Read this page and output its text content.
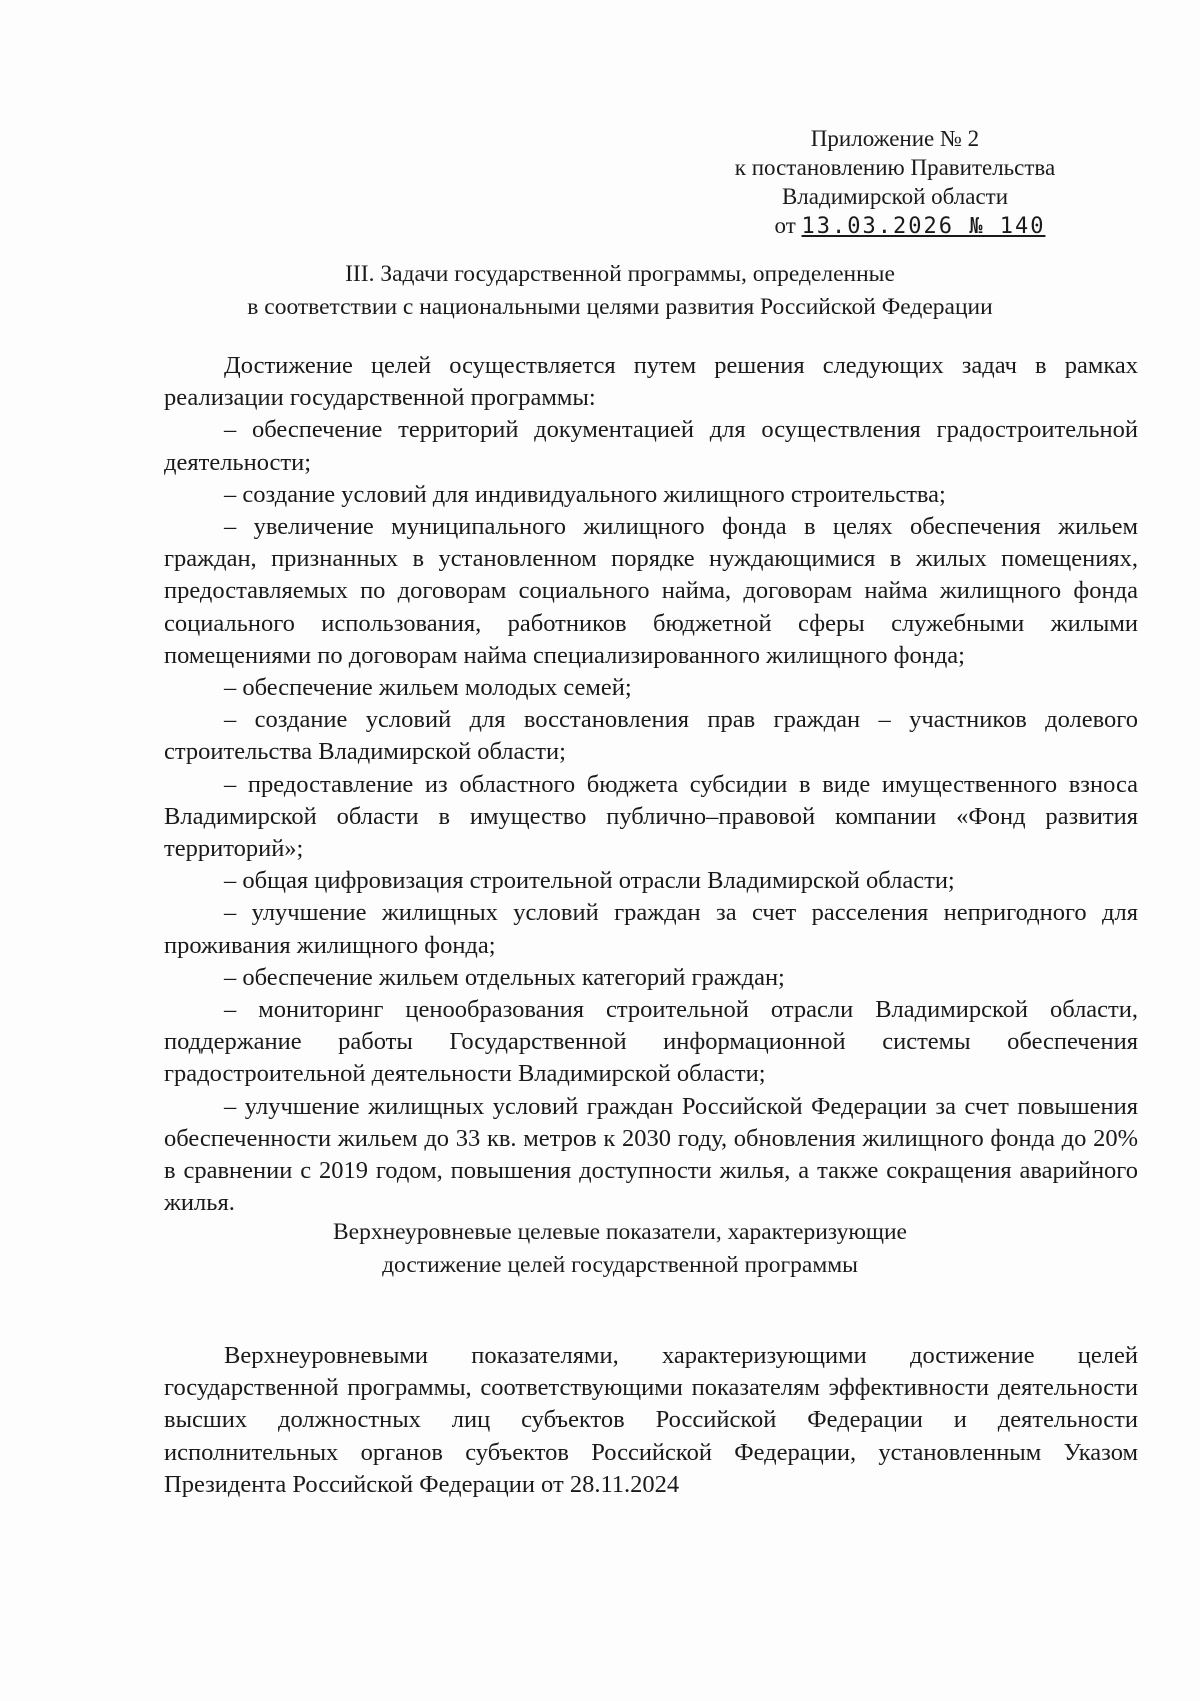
Приложение № 2
к постановлению Правительства
Владимирской области
от 13.03.2026 № 140
III. Задачи государственной программы, определенные
в соответствии с национальными целями развития Российской Федерации

Достижение целей осуществляется путем решения следующих задач в рамках реализации государственной программы:

– обеспечение территорий документацией для осуществления градостроительной деятельности;

– создание условий для индивидуального жилищного строительства;

– увеличение муниципального жилищного фонда в целях обеспечения жильем граждан, признанных в установленном порядке нуждающимися в жилых помещениях, предоставляемых по договорам социального найма, договорам найма жилищного фонда социального использования, работников бюджетной сферы служебными жилыми помещениями по договорам найма специализированного жилищного фонда;

– обеспечение жильем молодых семей;

– создание условий для восстановления прав граждан – участников долевого строительства Владимирской области;

– предоставление из областного бюджета субсидии в виде имущественного взноса Владимирской области в имущество публично–правовой компании «Фонд развития территорий»;

– общая цифровизация строительной отрасли Владимирской области;

– улучшение жилищных условий граждан за счет расселения непригодного для проживания жилищного фонда;

– обеспечение жильем отдельных категорий граждан;

– мониторинг ценообразования строительной отрасли Владимирской области, поддержание работы Государственной информационной системы обеспечения градостроительной деятельности Владимирской области;

– улучшение жилищных условий граждан Российской Федерации за счет повышения обеспеченности жильем до 33 кв. метров к 2030 году, обновления жилищного фонда до 20% в сравнении с 2019 годом, повышения доступности жилья, а также сокращения аварийного жилья.

Верхнеуровневые целевые показатели, характеризующие
достижение целей государственной программы

Верхнеуровневыми показателями, характеризующими достижение целей государственной программы, соответствующими показателям эффективности деятельности высших должностных лиц субъектов Российской Федерации и деятельности исполнительных органов субъектов Российской Федерации, установленным Указом Президента Российской Федерации от 28.11.2024
